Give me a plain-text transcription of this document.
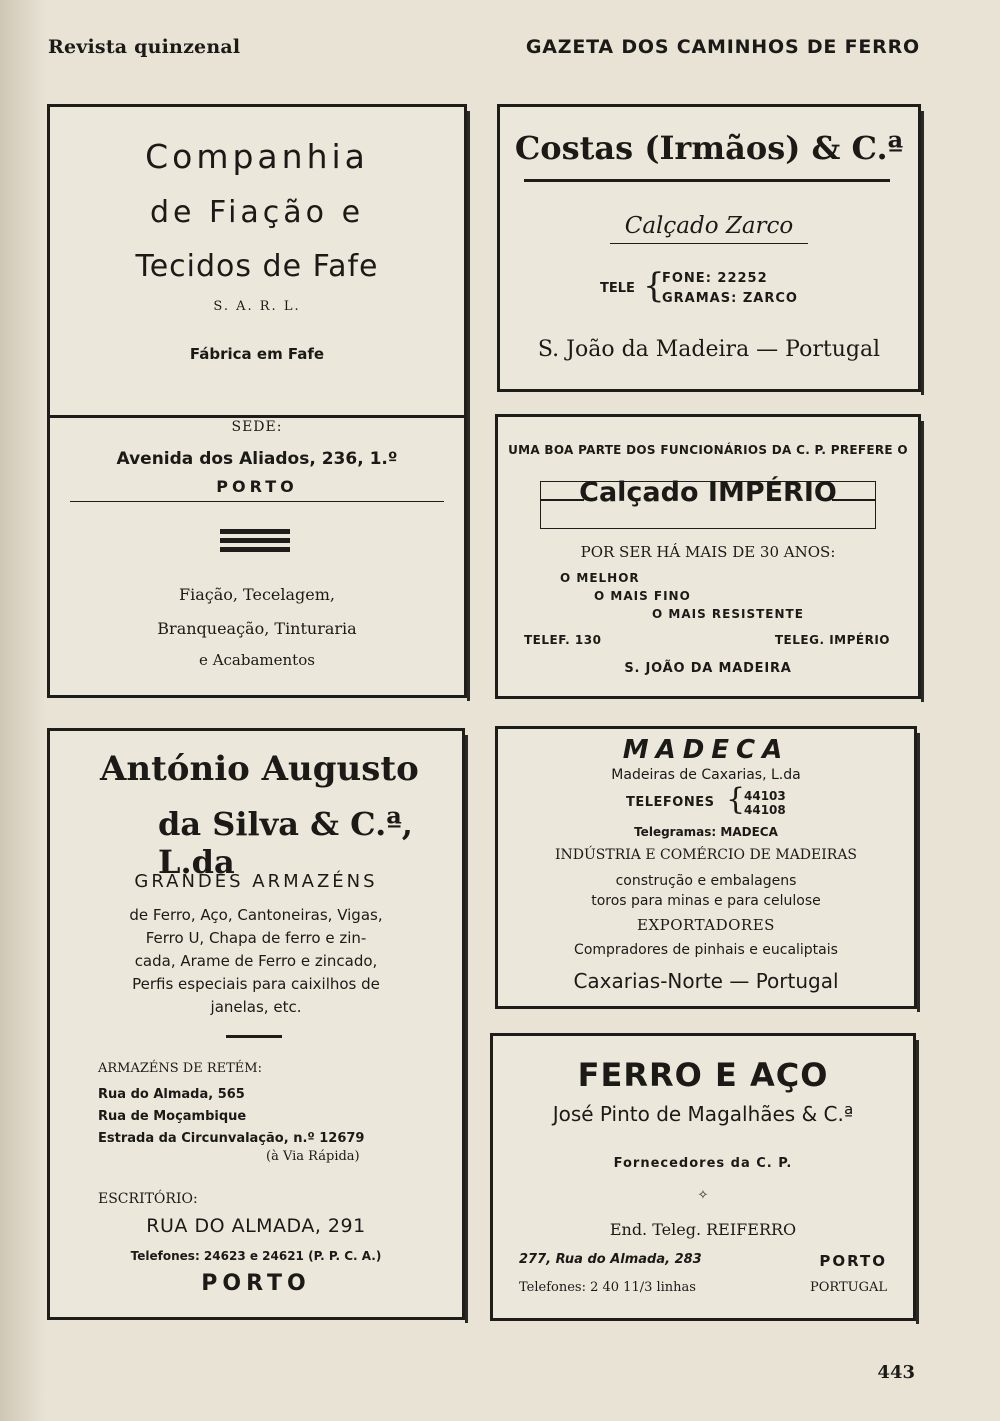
Revista quinzenal	GAZETA DOS CAMINHOS DE FERRO
Companhia
de Fiação e
Tecidos de Fafe
S. A. R. L.
Fábrica em Fafe
SEDE:
Avenida dos Aliados, 236, 1.º
PORTO
Fiação, Tecelagem,
Branqueação, Tinturaria
e Acabamentos
Costas (Irmãos) & C.ª
Calçado Zarco
TELE {
FONE: 22252
GRAMAS: ZARCO
S. João da Madeira — Portugal
UMA BOA PARTE DOS FUNCIONÁRIOS DA C. P. PREFERE O
Calçado IMPÉRIO
POR SER HÁ MAIS DE 30 ANOS:
O MELHOR
O MAIS FINO
O MAIS RESISTENTE
TELEF. 130	TELEG. IMPÉRIO
S. JOÃO DA MADEIRA
António Augusto
da Silva & C.ª, L.da
GRANDES ARMAZÉNS
de Ferro, Aço, Cantoneiras, Vigas,
Ferro U, Chapa de ferro e zin-
cada, Arame de Ferro e zincado,
Perfis especiais para caixilhos de
janelas, etc.
ARMAZÉNS DE RETÉM:
Rua do Almada, 565
Rua de Moçambique
Estrada da Circunvalação, n.º 12679
(à Via Rápida)
ESCRITÓRIO:
RUA DO ALMADA, 291
Telefones: 24623 e 24621 (P. P. C. A.)
PORTO
MADECA
Madeiras de Caxarias, L.da
TELEFONES {
44103
44108
Telegramas: MADECA
INDÚSTRIA E COMÉRCIO DE MADEIRAS
construção e embalagens
toros para minas e para celulose
EXPORTADORES
Compradores de pinhais e eucaliptais
Caxarias-Norte — Portugal
FERRO E AÇO
José Pinto de Magalhães & C.ª
Fornecedores da C. P.
✧
End. Teleg. REIFERRO
277, Rua do Almada, 283	PORTO
Telefones: 2 40 11/3 linhas	PORTUGAL
443
